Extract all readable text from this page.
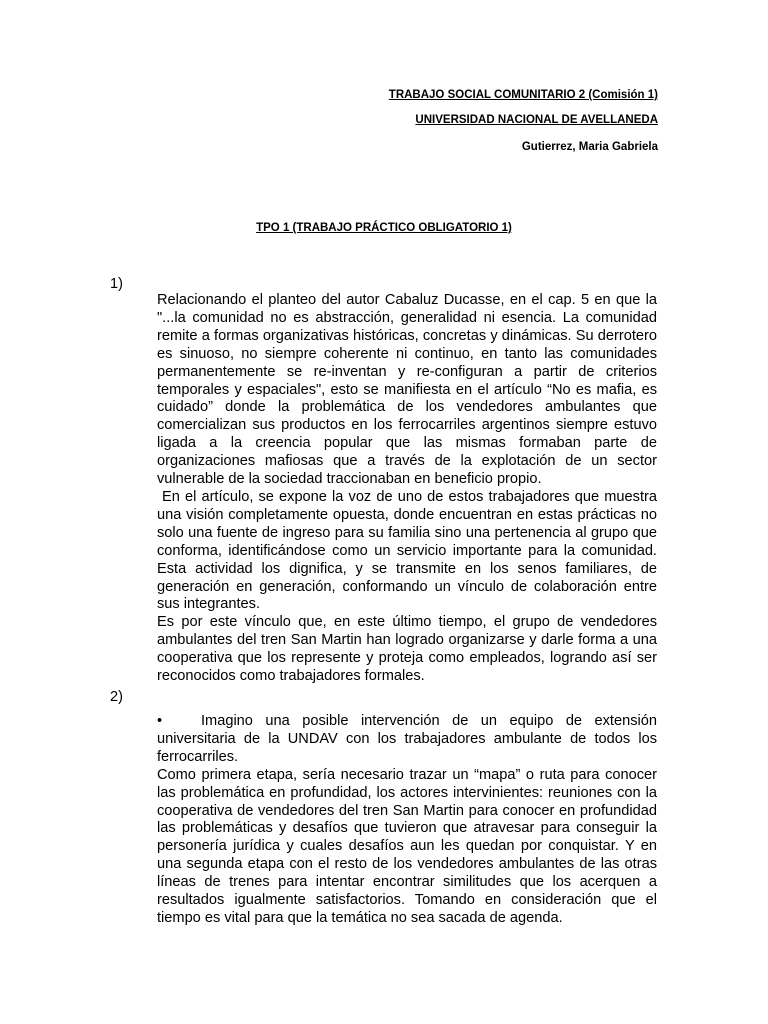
TRABAJO SOCIAL COMUNITARIO 2 (Comisión 1)
UNIVERSIDAD NACIONAL DE AVELLANEDA
Gutierrez, Maria Gabriela
TPO 1 (TRABAJO PRÁCTICO OBLIGATORIO 1)
1)

Relacionando el planteo del autor Cabaluz Ducasse, en el cap. 5 en que la "...la comunidad no es abstracción, generalidad ni esencia. La comunidad remite a formas organizativas históricas, concretas y dinámicas. Su derrotero es sinuoso, no siempre coherente ni continuo, en tanto las comunidades permanentemente se re-inventan y re-configuran a partir de criterios temporales y espaciales", esto se manifiesta en el artículo “No es mafia, es cuidado” donde la problemática de los vendedores ambulantes que comercializan sus productos en los ferrocarriles argentinos siempre estuvo ligada a la creencia popular que las mismas formaban parte de organizaciones mafiosas que a través de la explotación de un sector vulnerable de la sociedad traccionaban en beneficio propio.

En el artículo, se expone la voz de uno de estos trabajadores que muestra una visión completamente opuesta, donde encuentran en estas prácticas no solo una fuente de ingreso para su familia sino una pertenencia al grupo que conforma, identificándose como un servicio importante para la comunidad. Esta actividad los dignifica, y se transmite en los senos familiares, de generación en generación, conformando un vínculo de colaboración entre sus integrantes.

Es por este vínculo que, en este último tiempo, el grupo de vendedores ambulantes del tren San Martin han logrado organizarse y darle forma a una cooperativa que los represente y proteja como empleados, logrando así ser reconocidos como trabajadores formales.

2)

•	Imagino una posible intervención de un equipo de extensión universitaria de la UNDAV con los trabajadores ambulante de todos los ferrocarriles.

Como primera etapa, sería necesario trazar un “mapa” o ruta para conocer las problemática en profundidad, los actores intervinientes: reuniones con la cooperativa de vendedores del tren San Martin para conocer en profundidad las problemáticas y desafíos que tuvieron que atravesar para conseguir la personería jurídica y cuales desafíos aun les quedan por conquistar. Y en una segunda etapa con el resto de los vendedores ambulantes de las otras líneas de trenes para intentar encontrar similitudes que los acerquen a resultados igualmente satisfactorios. Tomando en consideración que el tiempo es vital para que la temática no sea sacada de agenda.
